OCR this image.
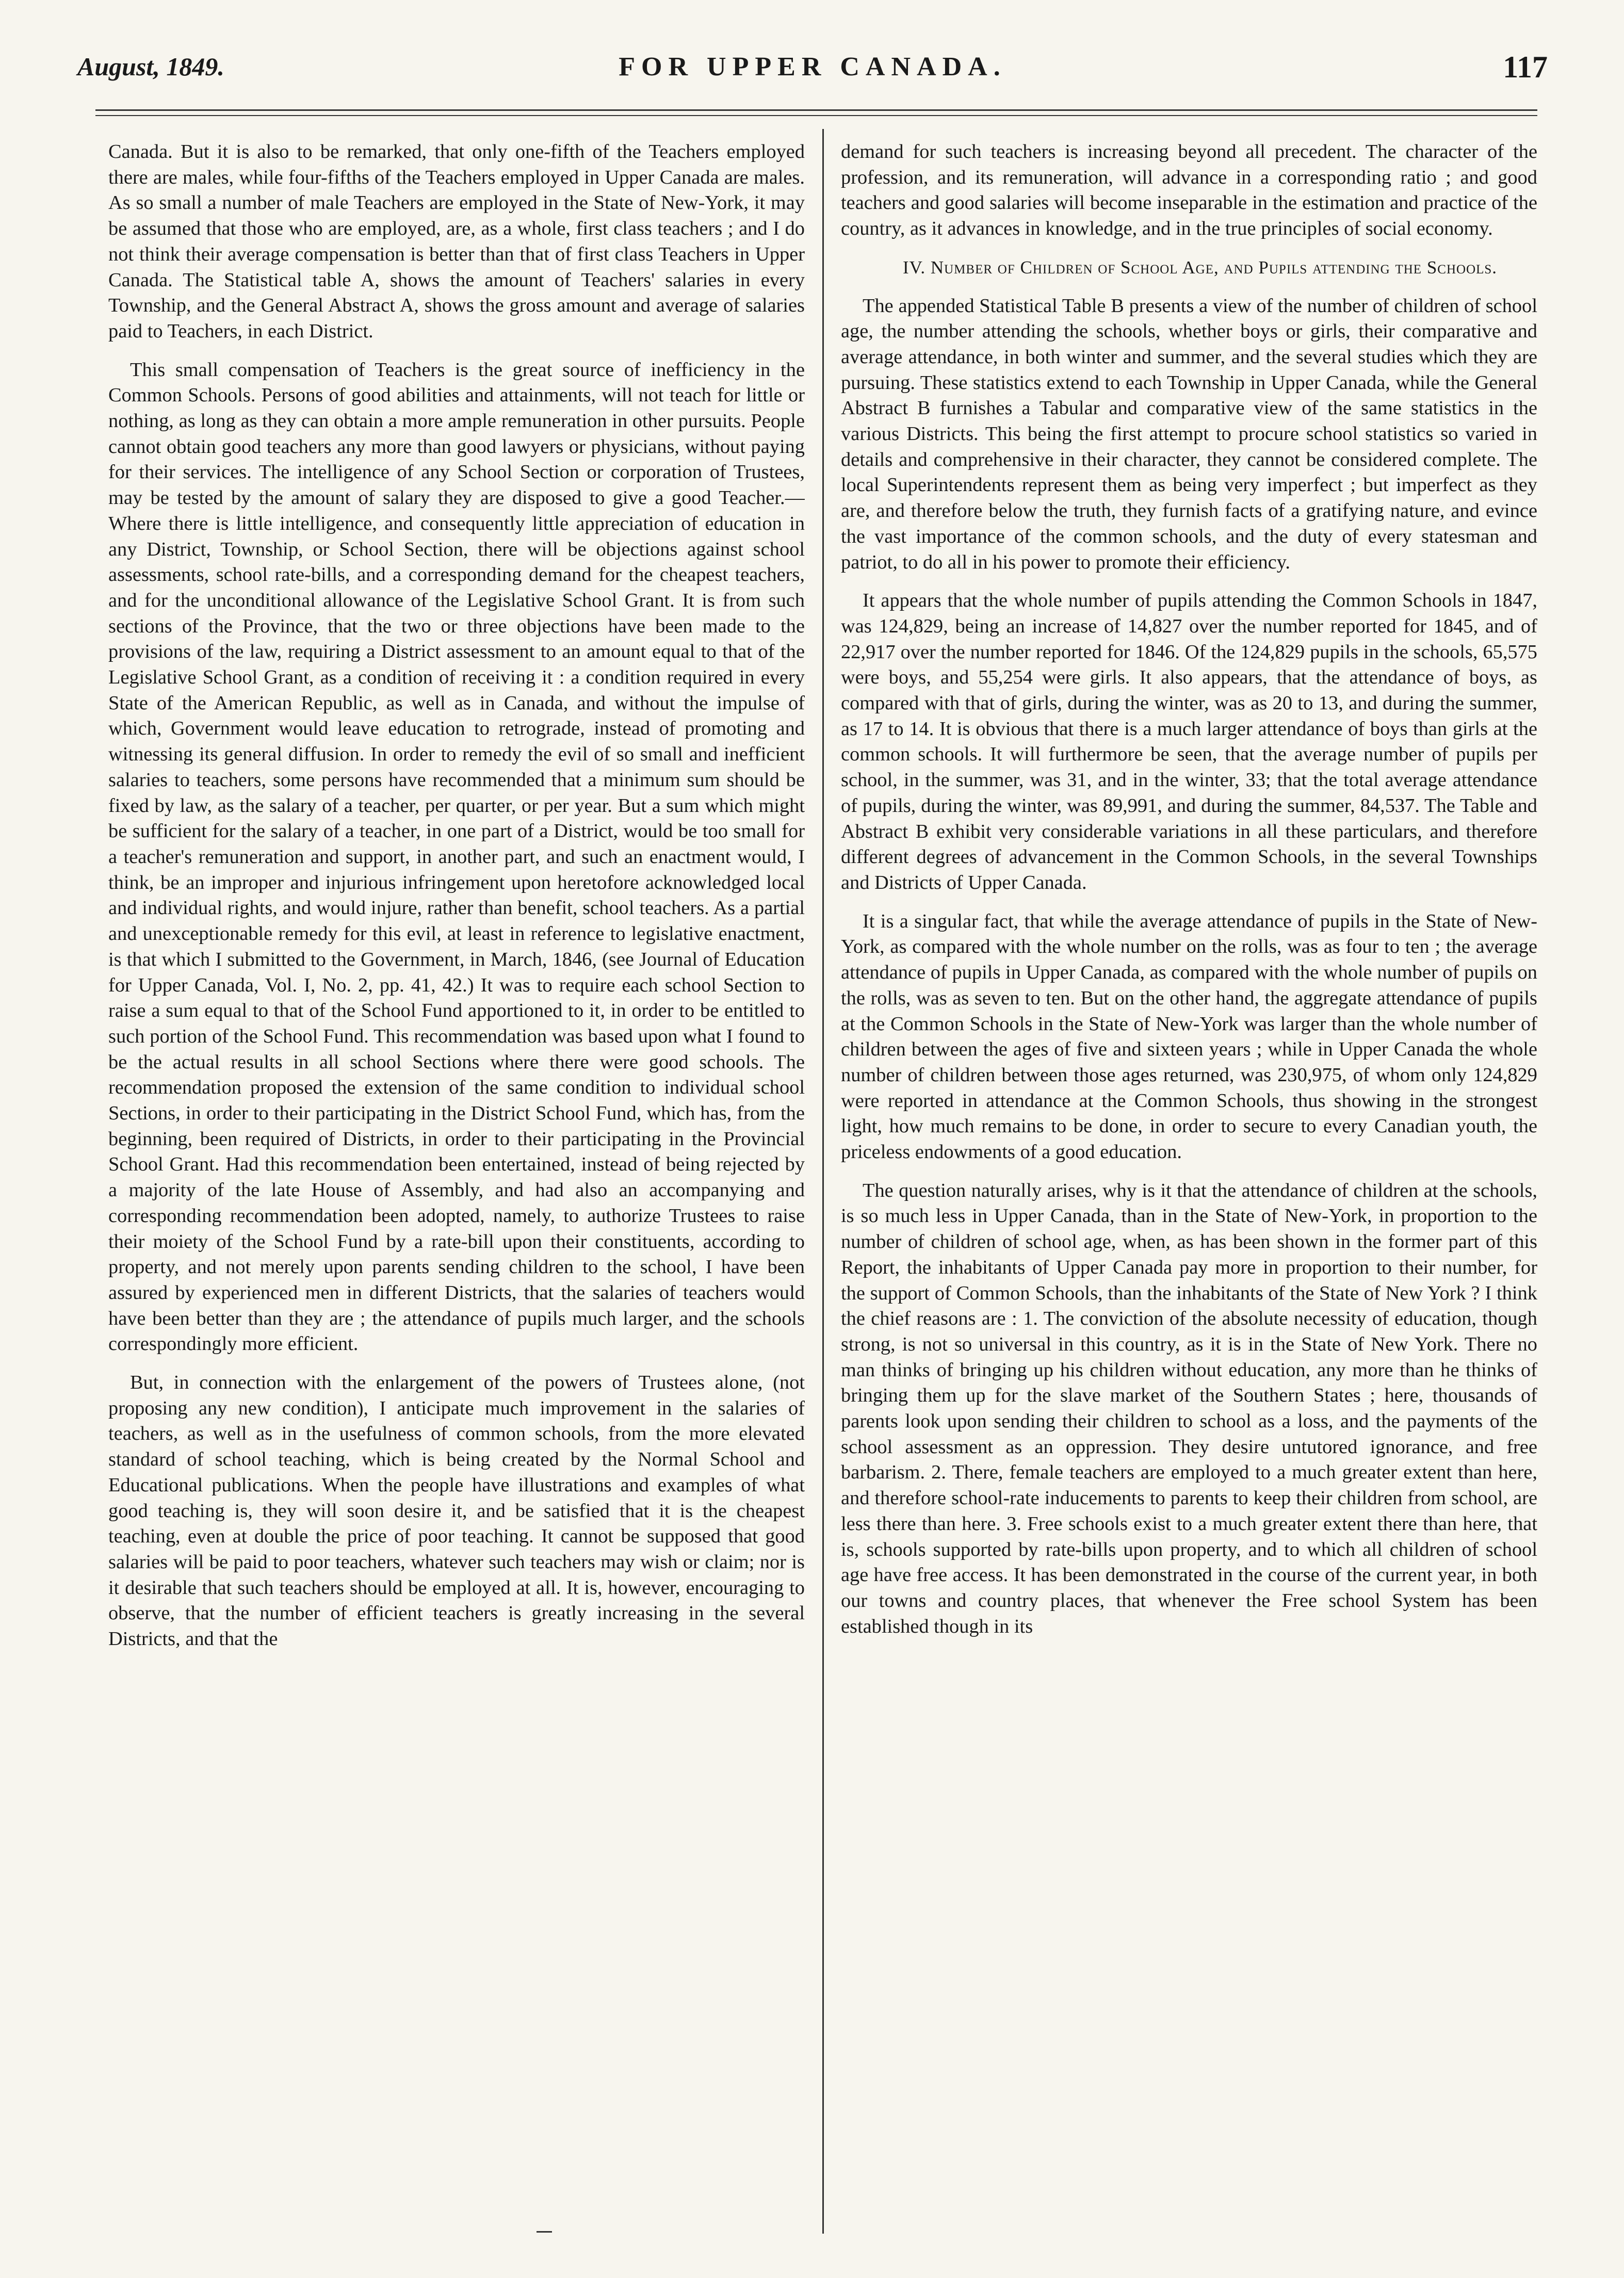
August, 1849.	FOR UPPER CANADA.	117

Canada. But it is also to be remarked, that only one-fifth of the Teachers employed there are males, while four-fifths of the Teachers employed in Upper Canada are males. As so small a number of male Teachers are employed in the State of New-York, it may be assumed that those who are employed, are, as a whole, first class teachers ; and I do not think their average compensation is better than that of first class Teachers in Upper Canada. The Statistical table A, shows the amount of Teachers' salaries in every Township, and the General Abstract A, shows the gross amount and average of salaries paid to Teachers, in each District.

This small compensation of Teachers is the great source of inefficiency in the Common Schools. Persons of good abilities and attainments, will not teach for little or nothing, as long as they can obtain a more ample remuneration in other pursuits. People cannot obtain good teachers any more than good lawyers or physicians, without paying for their services. The intelligence of any School Section or corporation of Trustees, may be tested by the amount of salary they are disposed to give a good Teacher.— Where there is little intelligence, and consequently little appreciation of education in any District, Township, or School Section, there will be objections against school assessments, school rate-bills, and a corresponding demand for the cheapest teachers, and for the unconditional allowance of the Legislative School Grant. It is from such sections of the Province, that the two or three objections have been made to the provisions of the law, requiring a District assessment to an amount equal to that of the Legislative School Grant, as a condition of receiving it : a condition required in every State of the American Republic, as well as in Canada, and without the impulse of which, Government would leave education to retrograde, instead of promoting and witnessing its general diffusion. In order to remedy the evil of so small and inefficient salaries to teachers, some persons have recommended that a minimum sum should be fixed by law, as the salary of a teacher, per quarter, or per year. But a sum which might be sufficient for the salary of a teacher, in one part of a District, would be too small for a teacher's remuneration and support, in another part, and such an enactment would, I think, be an improper and injurious infringement upon heretofore acknowledged local and individual rights, and would injure, rather than benefit, school teachers. As a partial and unexceptionable remedy for this evil, at least in reference to legislative enactment, is that which I submitted to the Government, in March, 1846, (see Journal of Education for Upper Canada, Vol. I, No. 2, pp. 41, 42.) It was to require each school Section to raise a sum equal to that of the School Fund apportioned to it, in order to be entitled to such portion of the School Fund. This recommendation was based upon what I found to be the actual results in all school Sections where there were good schools. The recommendation proposed the extension of the same condition to individual school Sections, in order to their participating in the District School Fund, which has, from the beginning, been required of Districts, in order to their participating in the Provincial School Grant. Had this recommendation been entertained, instead of being rejected by a majority of the late House of Assembly, and had also an accompanying and corresponding recommendation been adopted, namely, to authorize Trustees to raise their moiety of the School Fund by a rate-bill upon their constituents, according to property, and not merely upon parents sending children to the school, I have been assured by experienced men in different Districts, that the salaries of teachers would have been better than they are ; the attendance of pupils much larger, and the schools correspondingly more efficient.

But, in connection with the enlargement of the powers of Trustees alone, (not proposing any new condition), I anticipate much improvement in the salaries of teachers, as well as in the usefulness of common schools, from the more elevated standard of school teaching, which is being created by the Normal School and Educational publications. When the people have illustrations and examples of what good teaching is, they will soon desire it, and be satisfied that it is the cheapest teaching, even at double the price of poor teaching. It cannot be supposed that good salaries will be paid to poor teachers, whatever such teachers may wish or claim; nor is it desirable that such teachers should be employed at all. It is, however, encouraging to observe, that the number of efficient teachers is greatly increasing in the several Districts, and that the

demand for such teachers is increasing beyond all precedent. The character of the profession, and its remuneration, will advance in a corresponding ratio ; and good teachers and good salaries will become inseparable in the estimation and practice of the country, as it advances in knowledge, and in the true principles of social economy.

IV. Number of Children of School Age, and Pupils attending the Schools.

The appended Statistical Table B presents a view of the number of children of school age, the number attending the schools, whether boys or girls, their comparative and average attendance, in both winter and summer, and the several studies which they are pursuing. These statistics extend to each Township in Upper Canada, while the General Abstract B furnishes a Tabular and comparative view of the same statistics in the various Districts. This being the first attempt to procure school statistics so varied in details and comprehensive in their character, they cannot be considered complete. The local Superintendents represent them as being very imperfect ; but imperfect as they are, and therefore below the truth, they furnish facts of a gratifying nature, and evince the vast importance of the common schools, and the duty of every statesman and patriot, to do all in his power to promote their efficiency.

It appears that the whole number of pupils attending the Common Schools in 1847, was 124,829, being an increase of 14,827 over the number reported for 1845, and of 22,917 over the number reported for 1846. Of the 124,829 pupils in the schools, 65,575 were boys, and 55,254 were girls. It also appears, that the attendance of boys, as compared with that of girls, during the winter, was as 20 to 13, and during the summer, as 17 to 14. It is obvious that there is a much larger attendance of boys than girls at the common schools. It will furthermore be seen, that the average number of pupils per school, in the summer, was 31, and in the winter, 33; that the total average attendance of pupils, during the winter, was 89,991, and during the summer, 84,537. The Table and Abstract B exhibit very considerable variations in all these particulars, and therefore different degrees of advancement in the Common Schools, in the several Townships and Districts of Upper Canada.

It is a singular fact, that while the average attendance of pupils in the State of New-York, as compared with the whole number on the rolls, was as four to ten ; the average attendance of pupils in Upper Canada, as compared with the whole number of pupils on the rolls, was as seven to ten. But on the other hand, the aggregate attendance of pupils at the Common Schools in the State of New-York was larger than the whole number of children between the ages of five and sixteen years ; while in Upper Canada the whole number of children between those ages returned, was 230,975, of whom only 124,829 were reported in attendance at the Common Schools, thus showing in the strongest light, how much remains to be done, in order to secure to every Canadian youth, the priceless endowments of a good education.

The question naturally arises, why is it that the attendance of children at the schools, is so much less in Upper Canada, than in the State of New-York, in proportion to the number of children of school age, when, as has been shown in the former part of this Report, the inhabitants of Upper Canada pay more in proportion to their number, for the support of Common Schools, than the inhabitants of the State of New York ? I think the chief reasons are : 1. The conviction of the absolute necessity of education, though strong, is not so universal in this country, as it is in the State of New York. There no man thinks of bringing up his children without education, any more than he thinks of bringing them up for the slave market of the Southern States ; here, thousands of parents look upon sending their children to school as a loss, and the payments of the school assessment as an oppression. They desire untutored ignorance, and free barbarism. 2. There, female teachers are employed to a much greater extent than here, and therefore school-rate inducements to parents to keep their children from school, are less there than here. 3. Free schools exist to a much greater extent there than here, that is, schools supported by rate-bills upon property, and to which all children of school age have free access. It has been demonstrated in the course of the current year, in both our towns and country places, that whenever the Free school System has been established though in its
